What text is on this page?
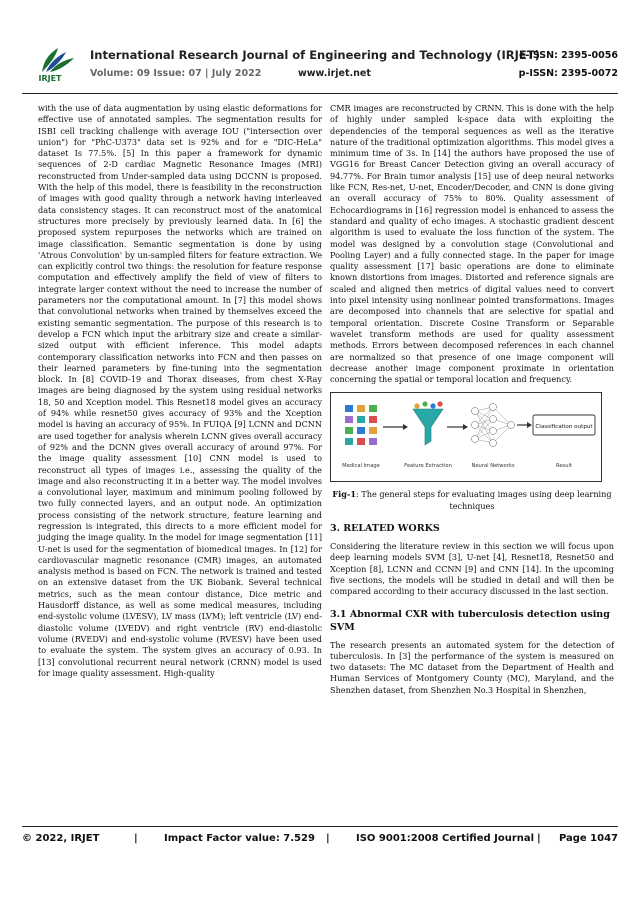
IRJET
International Research Journal of Engineering and Technology (IRJET)
e-ISSN: 2395-0056
Volume: 09 Issue: 07 | July 2022	www.irjet.net	p-ISSN: 2395-0072

with the use of data augmentation by using elastic deformations for effective use of annotated samples. The segmentation results for ISBI cell tracking challenge with average IOU ("intersection over union") for "PhC-U373" data set is 92% and for e "DIC-HeLa" dataset Is 77.5%. [5] In this paper a framework for dynamic sequences of 2-D cardiac Magnetic Resonance Images (MRI) reconstructed from Under-sampled data using DCCNN is proposed. With the help of this model, there is feasibility in the reconstruction of images with good quality through a network having interleaved data consistency stages. It can reconstruct most of the anatomical structures more precisely by previously learned data. In [6] the proposed system repurposes the networks which are trained on image classification. Semantic segmentation is done by using 'Atrous Convolution' by un-sampled filters for feature extraction. We can explicitly control two things: the resolution for feature response computation and effectively amplify the field of view of filters to integrate larger context without the need to increase the number of parameters nor the computational amount. In [7] this model shows that convolutional networks when trained by themselves exceed the existing semantic segmentation. The purpose of this research is to develop a FCN which input the arbitrary size and create a similar-sized output with efficient inference. This model adapts contemporary classification networks into FCN and then passes on their learned parameters by fine-tuning into the segmentation block. In [8] COVID-19 and Thorax diseases, from chest X-Ray images are being diagnosed by the system using residual networks 18, 50 and Xception model. This Resnet18 model gives an accuracy of 94% while resnet50 gives accuracy of 93% and the Xception model is having an accuracy of 95%. In FUIQA [9] LCNN and DCNN are used together for analysis wherein LCNN gives overall accuracy of 92% and the DCNN gives overall accuracy of around 97%. For the image quality assessment [10] CNN model is used to reconstruct all types of images i.e., assessing the quality of the image and also reconstructing it in a better way. The model involves a convolutional layer, maximum and minimum pooling followed by two fully connected layers, and an output node. An optimization process consisting of the network structure, feature learning and regression is integrated, this directs to a more efficient model for judging the image quality. In the model for image segmentation [11] U-net is used for the segmentation of biomedical images. In [12] for cardiovascular magnetic resonance (CMR) images, an automated analysis method is based on FCN. The network is trained and tested on an extensive dataset from the UK Biobank. Several technical metrics, such as the mean contour distance, Dice metric and Hausdorff distance, as well as some medical measures, including end-systolic volume (LVESV), LV mass (LVM); left ventricle (LV) end-diastolic volume (LVEDV) and right ventricle (RV) end-diastolic volume (RVEDV) and end-systolic volume (RVESV) have been used to evaluate the system. The system gives an accuracy of 0.93. In [13] convolutional recurrent neural network (CRNN) model is used for image quality assessment. High-quality

CMR images are reconstructed by CRNN. This is done with the help of highly under sampled k-space data with exploiting the dependencies of the temporal sequences as well as the iterative nature of the traditional optimization algorithms. This model gives a minimum time of 3s. In [14] the authors have proposed the use of VGG16 for Breast Cancer Detection giving an overall accuracy of 94.77%. For Brain tumor analysis [15] use of deep neural networks like FCN, Res-net, U-net, Encoder/Decoder, and CNN is done giving an overall accuracy of 75% to 80%. Quality assessment of Echocardiograms in [16] regression model is enhanced to assess the standard and quality of echo images. A stochastic gradient descent algorithm is used to evaluate the loss function of the system. The model was designed by a convolution stage (Convolutional and Pooling Layer) and a fully connected stage. In the paper for image quality assessment [17] basic operations are done to eliminate known distortions from images. Distorted and reference signals are scaled and aligned then metrics of digital values need to convert into pixel intensity using nonlinear pointed transformations. Images are decomposed into channels that are selective for spatial and temporal orientation. Discrete Cosine Transform or Separable wavelet transform methods are used for quality assessment methods. Errors between decomposed references in each channel are normalized so that presence of one image component will decrease another image component proximate in orientation concerning the spatial or temporal location and frequency.

Classification output
Medical Image	Feature Extraction	Neural Networks	Result
Fig-1: The general steps for evaluating images using deep learning techniques
3. RELATED WORKS

Considering the literature review in this section we will focus upon deep learning models SVM [3], U-net [4], Resnet18, Resnet50 and Xception [8], LCNN and CCNN [9] and CNN [14]. In the upcoming five sections, the models will be studied in detail and will then be compared according to their accuracy discussed in the last section.

3.1 Abnormal CXR with tuberculosis detection using SVM

The research presents an automated system for the detection of tuberculosis. In [3] the performance of the system is measured on two datasets: The MC dataset from the Department of Health and Human Services of Montgomery County (MC), Maryland, and the Shenzhen dataset, from Shenzhen No.3 Hospital in Shenzhen,

© 2022, IRJET	|	Impact Factor value: 7.529 |	ISO 9001:2008 Certified Journal | Page 1047
